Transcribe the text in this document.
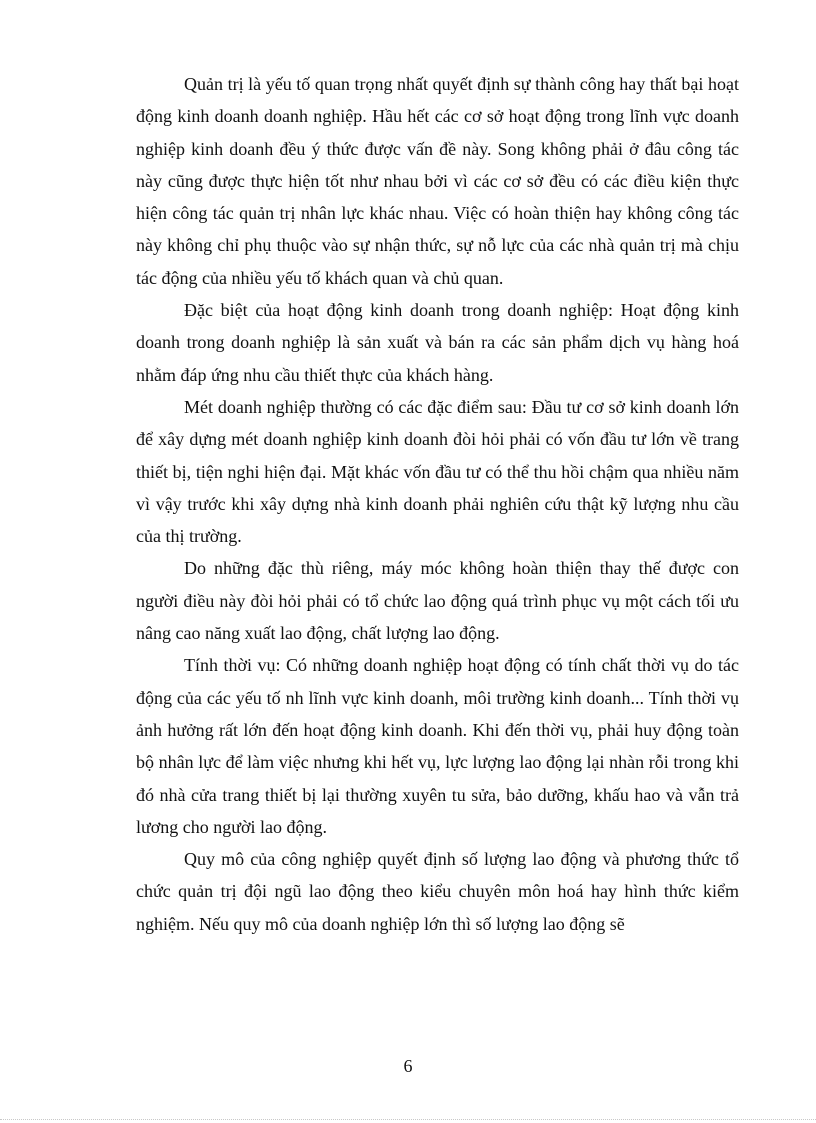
Quản trị là yếu tố quan trọng nhất quyết định sự thành công hay thất bại hoạt động kinh doanh doanh nghiệp. Hầu hết các cơ sở hoạt động trong lĩnh vực doanh nghiệp kinh doanh đều ý thức được vấn đề này. Song không phải ở đâu công tác này cũng được thực hiện tốt như nhau bởi vì các cơ sở đều có các điều kiện thực hiện công tác quản trị nhân lực khác nhau. Việc có hoàn thiện hay không công tác này không chỉ phụ thuộc vào sự nhận thức, sự nỗ lực của các nhà quản trị mà chịu tác động của nhiều yếu tố khách quan và chủ quan.

Đặc biệt của hoạt động kinh doanh trong doanh nghiệp: Hoạt động kinh doanh trong doanh nghiệp là sản xuất và bán ra các sản phẩm dịch vụ hàng hoá nhằm đáp ứng nhu cầu thiết thực của khách hàng.

Mét doanh nghiệp thường có các đặc điểm sau: Đầu tư cơ sở kinh doanh lớn để xây dựng mét doanh nghiệp kinh doanh đòi hỏi phải có vốn đầu tư lớn về trang thiết bị, tiện nghi hiện đại. Mặt khác vốn đầu tư có thể thu hồi chậm qua nhiều năm vì vậy trước khi xây dựng nhà kinh doanh phải nghiên cứu thật kỹ lượng nhu cầu của thị trường.

Do những đặc thù riêng, máy móc không hoàn thiện thay thế được con người điều này đòi hỏi phải có tổ chức lao động quá trình phục vụ một cách tối ưu nâng cao năng xuất lao động, chất lượng lao động.

Tính thời vụ: Có những doanh nghiệp hoạt động có tính chất thời vụ do tác động của các yếu tố nh lĩnh vực kinh doanh, môi trường kinh doanh... Tính thời vụ ảnh hưởng rất lớn đến hoạt động kinh doanh. Khi đến thời vụ, phải huy động toàn bộ nhân lực để làm việc nhưng khi hết vụ, lực lượng lao động lại nhàn rỗi trong khi đó nhà cửa trang thiết bị lại thường xuyên tu sửa, bảo dưỡng, khấu hao và vẫn trả lương cho người lao động.

Quy mô của công nghiệp quyết định số lượng lao động và phương thức tổ chức quản trị đội ngũ lao động theo kiểu chuyên môn hoá hay hình thức kiểm nghiệm. Nếu quy mô của doanh nghiệp lớn thì số lượng lao động sẽ

6
